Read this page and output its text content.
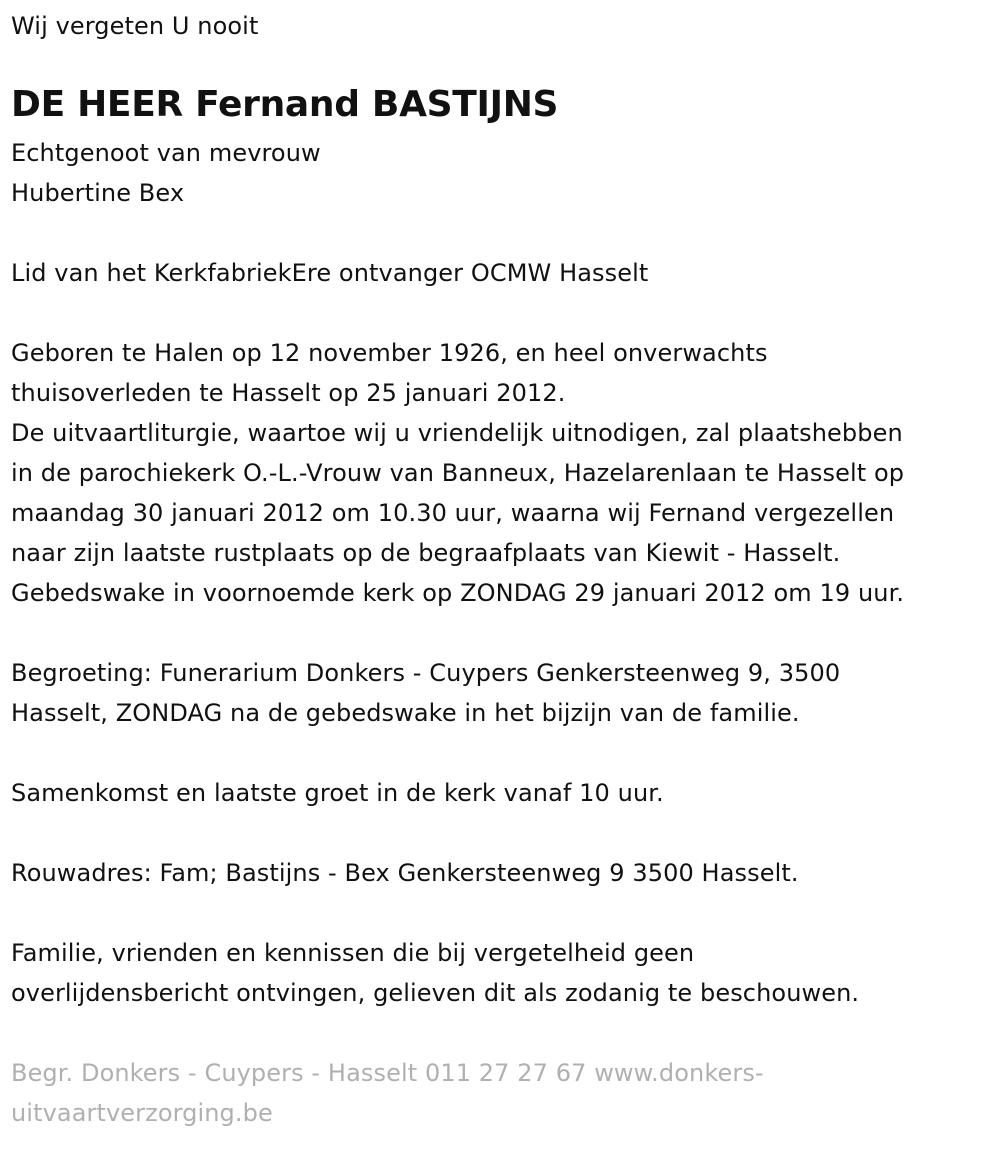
Wij vergeten U nooit

DE HEER Fernand BASTIJNS

Echtgenoot van mevrouw

Hubertine Bex

Lid van het KerkfabriekEre ontvanger OCMW Hasselt

Geboren te Halen op 12 november 1926, en heel onverwachts

thuisoverleden te Hasselt op 25 januari 2012.

De uitvaartliturgie, waartoe wij u vriendelijk uitnodigen, zal plaatshebben

in de parochiekerk O.-L.-Vrouw van Banneux, Hazelarenlaan te Hasselt op

maandag 30 januari 2012 om 10.30 uur, waarna wij Fernand vergezellen

naar zijn laatste rustplaats op de begraafplaats van Kiewit - Hasselt.

Gebedswake in voornoemde kerk op ZONDAG 29 januari 2012 om 19 uur.

Begroeting: Funerarium Donkers - Cuypers Genkersteenweg 9, 3500

Hasselt, ZONDAG na de gebedswake in het bijzijn van de familie.

Samenkomst en laatste groet in de kerk vanaf 10 uur.

Rouwadres: Fam; Bastijns - Bex Genkersteenweg 9 3500 Hasselt.

Familie, vrienden en kennissen die bij vergetelheid geen

overlijdensbericht ontvingen, gelieven dit als zodanig te beschouwen.

Begr. Donkers - Cuypers - Hasselt 011 27 27 67 www.donkers-

uitvaartverzorging.be
